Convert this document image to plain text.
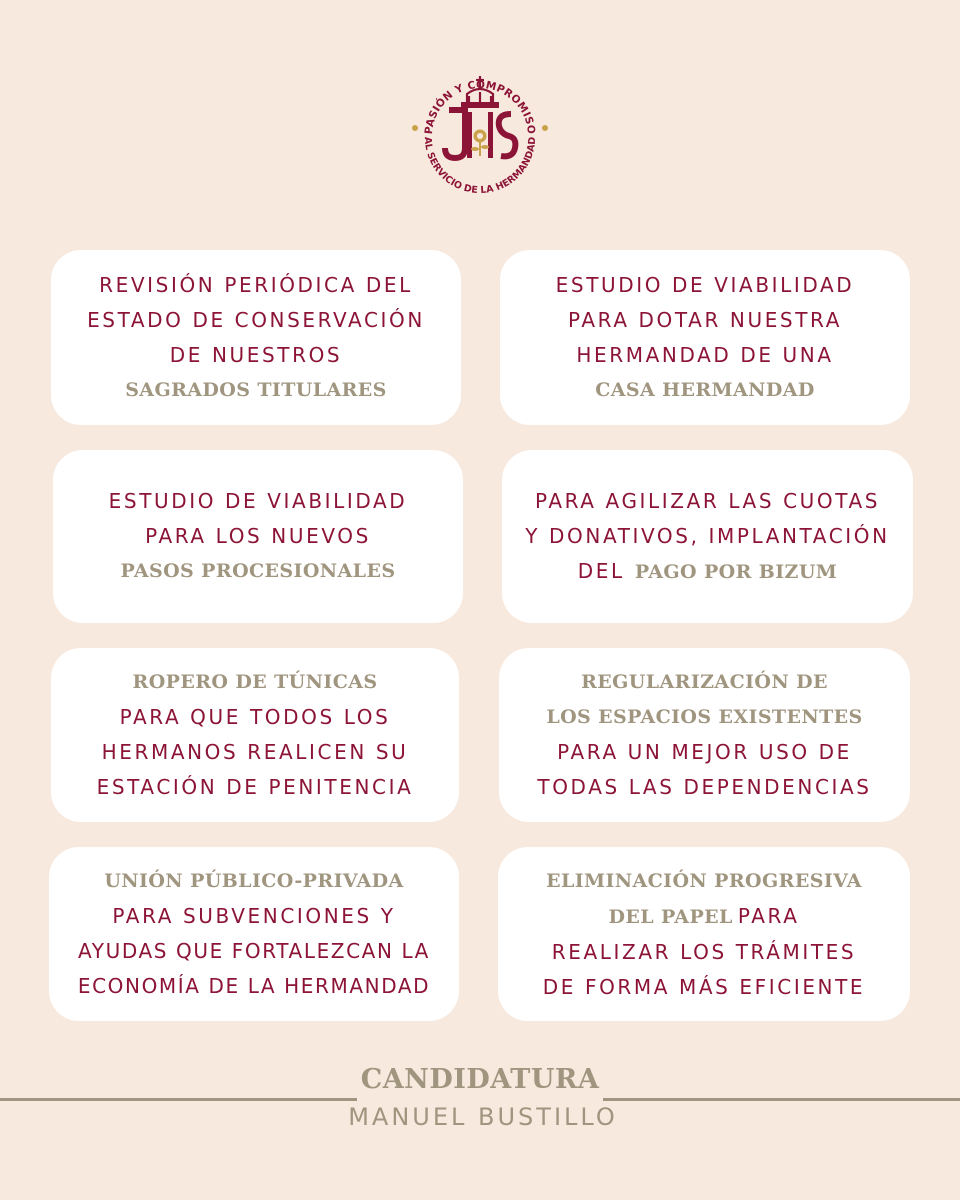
PASIÓN Y COMPROMISO
AL SERVICIO DE LA HERMANDAD
REVISIÓN PERIÓDICA DEL
ESTADO DE CONSERVACIÓN
DE NUESTROS
SAGRADOS TITULARES
ESTUDIO DE VIABILIDAD
PARA DOTAR NUESTRA
HERMANDAD DE UNA
CASA HERMANDAD
ESTUDIO DE VIABILIDAD
PARA LOS NUEVOS
PASOS PROCESIONALES
PARA AGILIZAR LAS CUOTAS
Y DONATIVOS, IMPLANTACIÓN
DEL PAGO POR BIZUM
ROPERO DE TÚNICAS
PARA QUE TODOS LOS
HERMANOS REALICEN SU
ESTACIÓN DE PENITENCIA
REGULARIZACIÓN DE
LOS ESPACIOS EXISTENTES
PARA UN MEJOR USO DE
TODAS LAS DEPENDENCIAS
UNIÓN PÚBLICO-PRIVADA
PARA SUBVENCIONES Y
AYUDAS QUE FORTALEZCAN LA
ECONOMÍA DE LA HERMANDAD
ELIMINACIÓN PROGRESIVA
DEL PAPEL PARA
REALIZAR LOS TRÁMITES
DE FORMA MÁS EFICIENTE
CANDIDATURA
MANUEL BUSTILLO
